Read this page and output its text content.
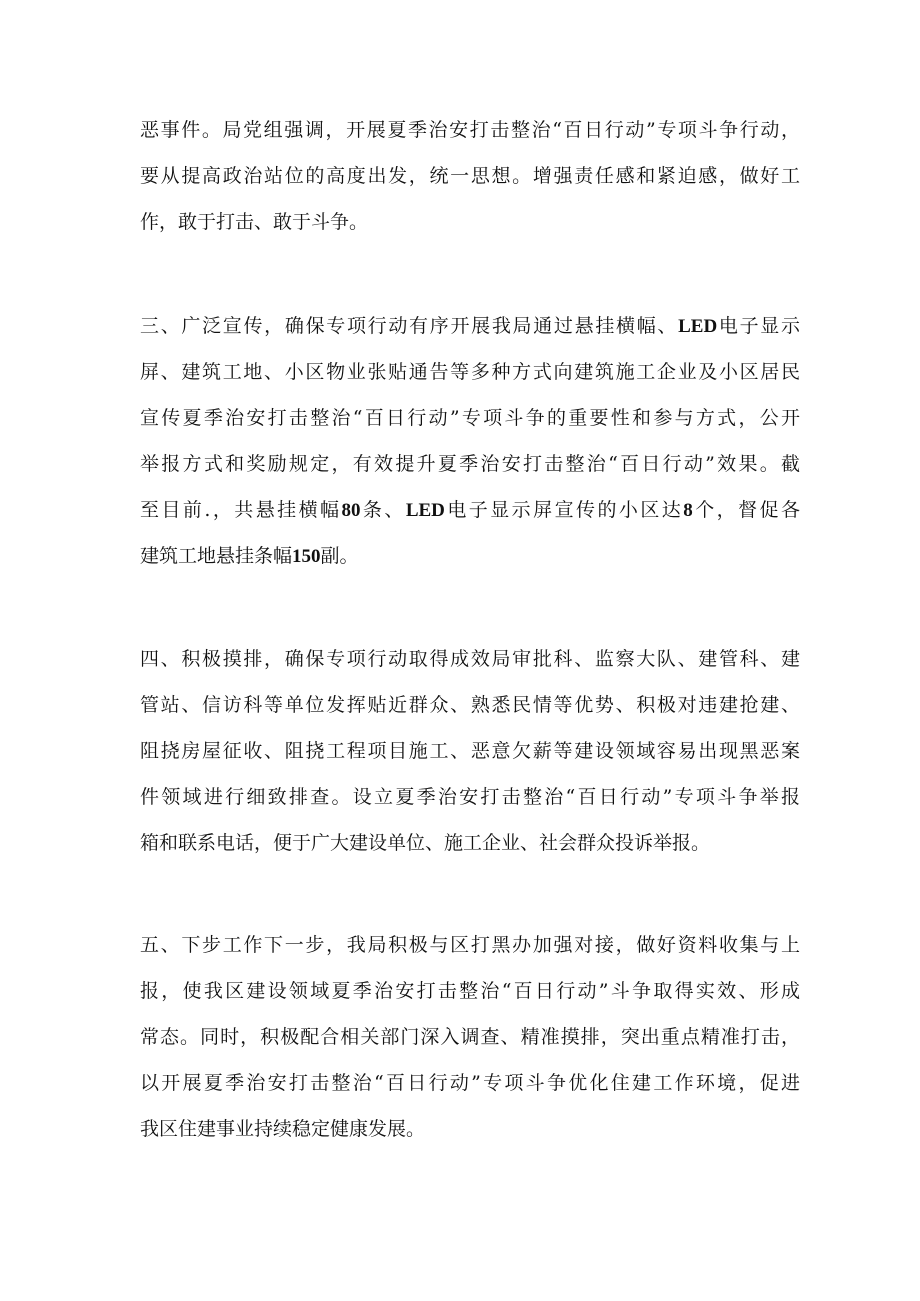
恶事件。局党组强调，开展夏季治安打击整治“百日行动”专项斗争行动，
要从提高政治站位的高度出发，统一思想。增强责任感和紧迫感，做好工
作，敢于打击、敢于斗争。
三、广泛宣传，确保专项行动有序开展我局通过悬挂横幅、LED电子显示
屏、建筑工地、小区物业张贴通告等多种方式向建筑施工企业及小区居民
宣传夏季治安打击整治“百日行动”专项斗争的重要性和参与方式，公开
举报方式和奖励规定，有效提升夏季治安打击整治“百日行动”效果。截
至目前.，共悬挂横幅80条、LED电子显示屏宣传的小区达8个，督促各
建筑工地悬挂条幅150副。
四、积极摸排，确保专项行动取得成效局审批科、监察大队、建管科、建
管站、信访科等单位发挥贴近群众、熟悉民情等优势、积极对违建抢建、
阻挠房屋征收、阻挠工程项目施工、恶意欠薪等建设领域容易出现黑恶案
件领域进行细致排查。设立夏季治安打击整治“百日行动”专项斗争举报
箱和联系电话，便于广大建设单位、施工企业、社会群众投诉举报。
五、下步工作下一步，我局积极与区打黑办加强对接，做好资料收集与上
报，使我区建设领域夏季治安打击整治“百日行动”斗争取得实效、形成
常态。同时，积极配合相关部门深入调查、精准摸排，突出重点精准打击，
以开展夏季治安打击整治“百日行动”专项斗争优化住建工作环境，促进
我区住建事业持续稳定健康发展。
